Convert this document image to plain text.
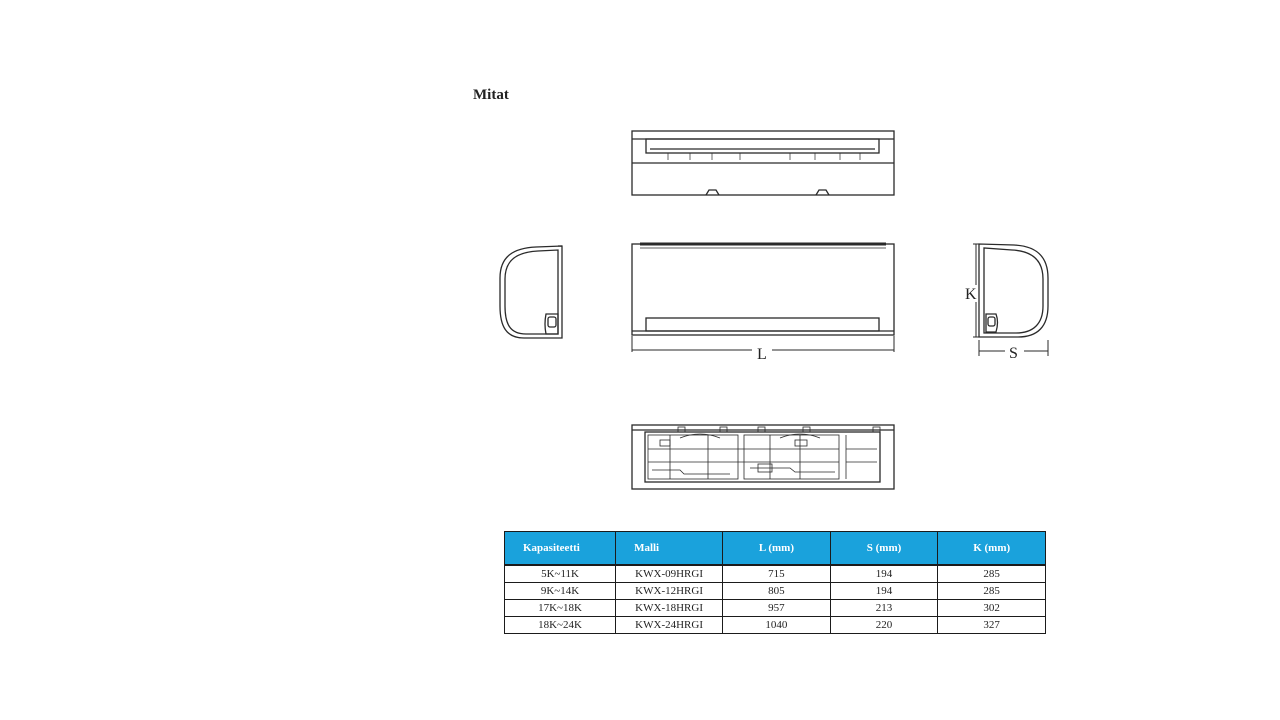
Mitat
L
K
S
Kapasiteetti	Malli	L (mm)	S (mm)	K (mm)
5K~11K	KWX-09HRGI	715	194	285
9K~14K	KWX-12HRGI	805	194	285
17K~18K	KWX-18HRGI	957	213	302
18K~24K	KWX-24HRGI	1040	220	327
